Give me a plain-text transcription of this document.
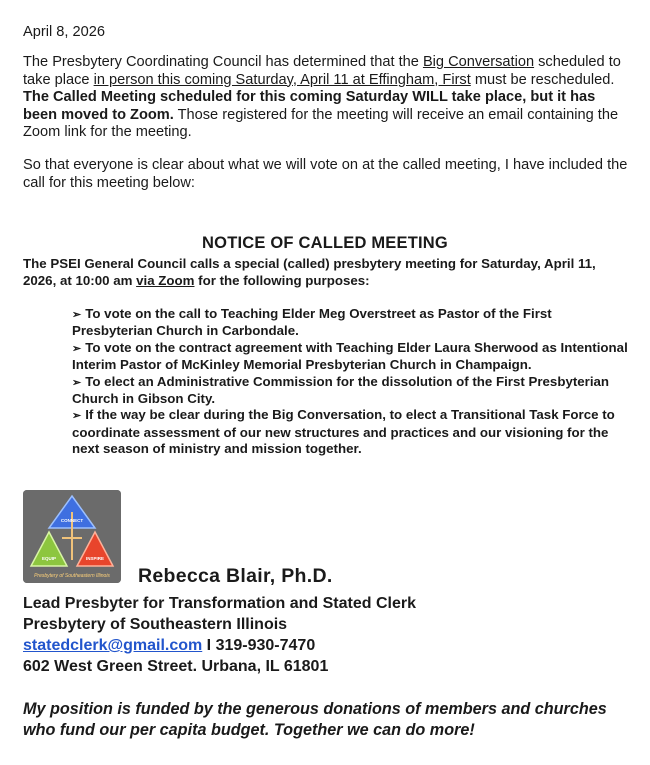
April 8, 2026

The Presbytery Coordinating Council has determined that the Big Conversation scheduled to take place in person this coming Saturday, April 11 at Effingham, First must be rescheduled. The Called Meeting scheduled for this coming Saturday WILL take place, but it has been moved to Zoom. Those registered for the meeting will receive an email containing the Zoom link for the meeting.

So that everyone is clear about what we will vote on at the called meeting, I have included the call for this meeting below:

NOTICE OF CALLED MEETING
The PSEI General Council calls a special (called) presbytery meeting for Saturday, April 11, 2026, at 10:00 am via Zoom for the following purposes:
➢ To vote on the call to Teaching Elder Meg Overstreet as Pastor of the First Presbyterian Church in Carbondale.
➢ To vote on the contract agreement with Teaching Elder Laura Sherwood as Intentional Interim Pastor of McKinley Memorial Presbyterian Church in Champaign.
➢ To elect an Administrative Commission for the dissolution of the First Presbyterian Church in Gibson City.
➢ If the way be clear during the Big Conversation, to elect a Transitional Task Force to coordinate assessment of our new structures and practices and our visioning for the next season of ministry and mission together.
CONNECT
EQUIP	INSPIRE
Presbytery of Southeastern Illinois Rebecca Blair, Ph.D.
Lead Presbyter for Transformation and Stated Clerk
Presbytery of Southeastern Illinois
statedclerk@gmail.com I 319-930-7470
602 West Green Street. Urbana, IL 61801
My position is funded by the generous donations of members and churches who fund our per capita budget. Together we can do more!
